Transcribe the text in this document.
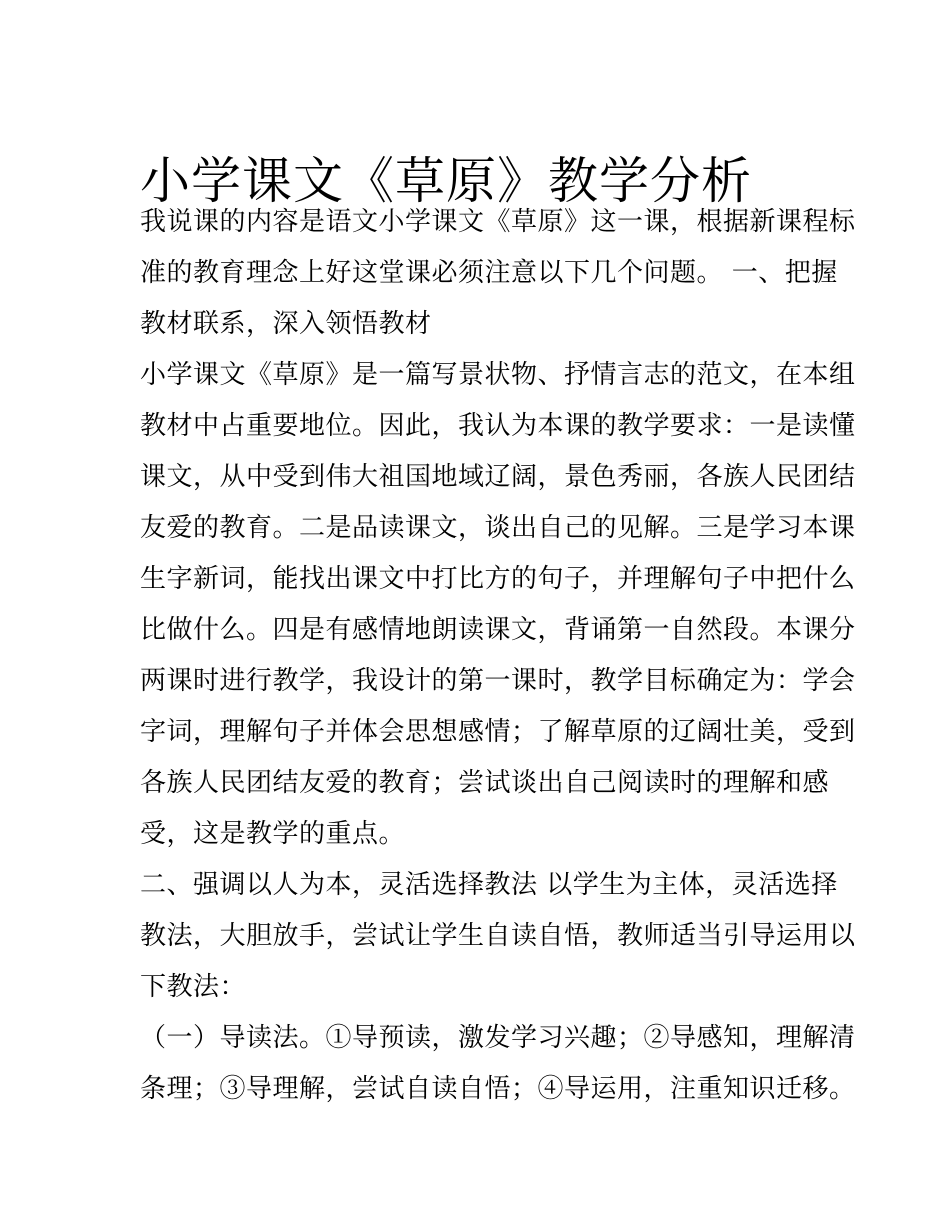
小学课文《草原》教学分析
我说课的内容是语文小学课文《草原》这一课，根据新课程标
准的教育理念上好这堂课必须注意以下几个问题。 一、把握
教材联系，深入领悟教材
小学课文《草原》是一篇写景状物、抒情言志的范文，在本组
教材中占重要地位。因此，我认为本课的教学要求：一是读懂
课文，从中受到伟大祖国地域辽阔，景色秀丽，各族人民团结
友爱的教育。二是品读课文，谈出自己的见解。三是学习本课
生字新词，能找出课文中打比方的句子，并理解句子中把什么
比做什么。四是有感情地朗读课文，背诵第一自然段。本课分
两课时进行教学，我设计的第一课时，教学目标确定为：学会
字词，理解句子并体会思想感情；了解草原的辽阔壮美，受到
各族人民团结友爱的教育；尝试谈出自己阅读时的理解和感
受，这是教学的重点。
二、强调以人为本，灵活选择教法 以学生为主体，灵活选择
教法，大胆放手，尝试让学生自读自悟，教师适当引导运用以
下教法：
（一）导读法。①导预读，激发学习兴趣；②导感知，理解清
条理；③导理解，尝试自读自悟；④导运用，注重知识迁移。
